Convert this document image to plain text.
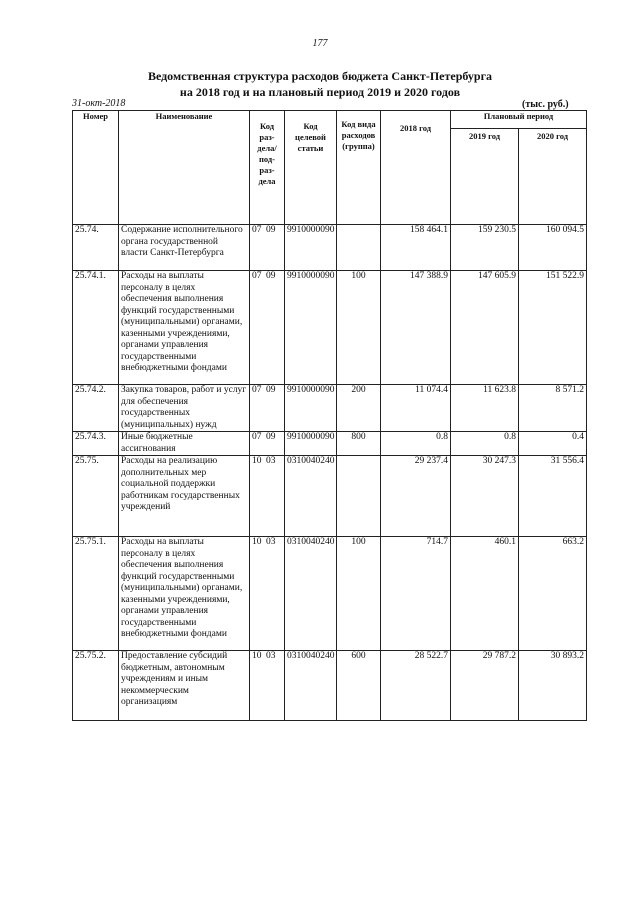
177
Ведомственная структура расходов бюджета Санкт-Петербурга
на 2018 год и на плановый период 2019 и 2020 годов
31-окт-2018	(тыс. руб.)
Номер	Наименование	Код раз- дела/ под- раз- дела	Код целевой статьи	Код вида расходов (группа)	2018 год	Плановый период	
						2019 год	2020 год
25.74.	Содержание исполнительного органа государственной власти Санкт-Петербурга	07 09	9910000090		158 464.1	159 230.5	160 094.5
25.74.1.	Расходы на выплаты персоналу в целях обеспечения выполнения функций государственными (муниципальными) органами, казенными учреждениями, органами управления государственными внебюджетными фондами	07 09	9910000090	100	147 388.9	147 605.9	151 522.9
25.74.2.	Закупка товаров, работ и услуг для обеспечения государственных (муниципальных) нужд	07 09	9910000090	200	11 074.4	11 623.8	8 571.2
25.74.3.	Иные бюджетные ассигнования	07 09	9910000090	800	0.8	0.8	0.4
25.75.	Расходы на реализацию дополнительных мер социальной поддержки работникам государственных учреждений	10 03	0310040240		29 237.4	30 247.3	31 556.4
25.75.1.	Расходы на выплаты персоналу в целях обеспечения выполнения функций государственными (муниципальными) органами, казенными учреждениями, органами управления государственными внебюджетными фондами	10 03	0310040240	100	714.7	460.1	663.2
25.75.2.	Предоставление субсидий бюджетным, автономным учреждениям и иным некоммерческим организациям	10 03	0310040240	600	28 522.7	29 787.2	30 893.2
